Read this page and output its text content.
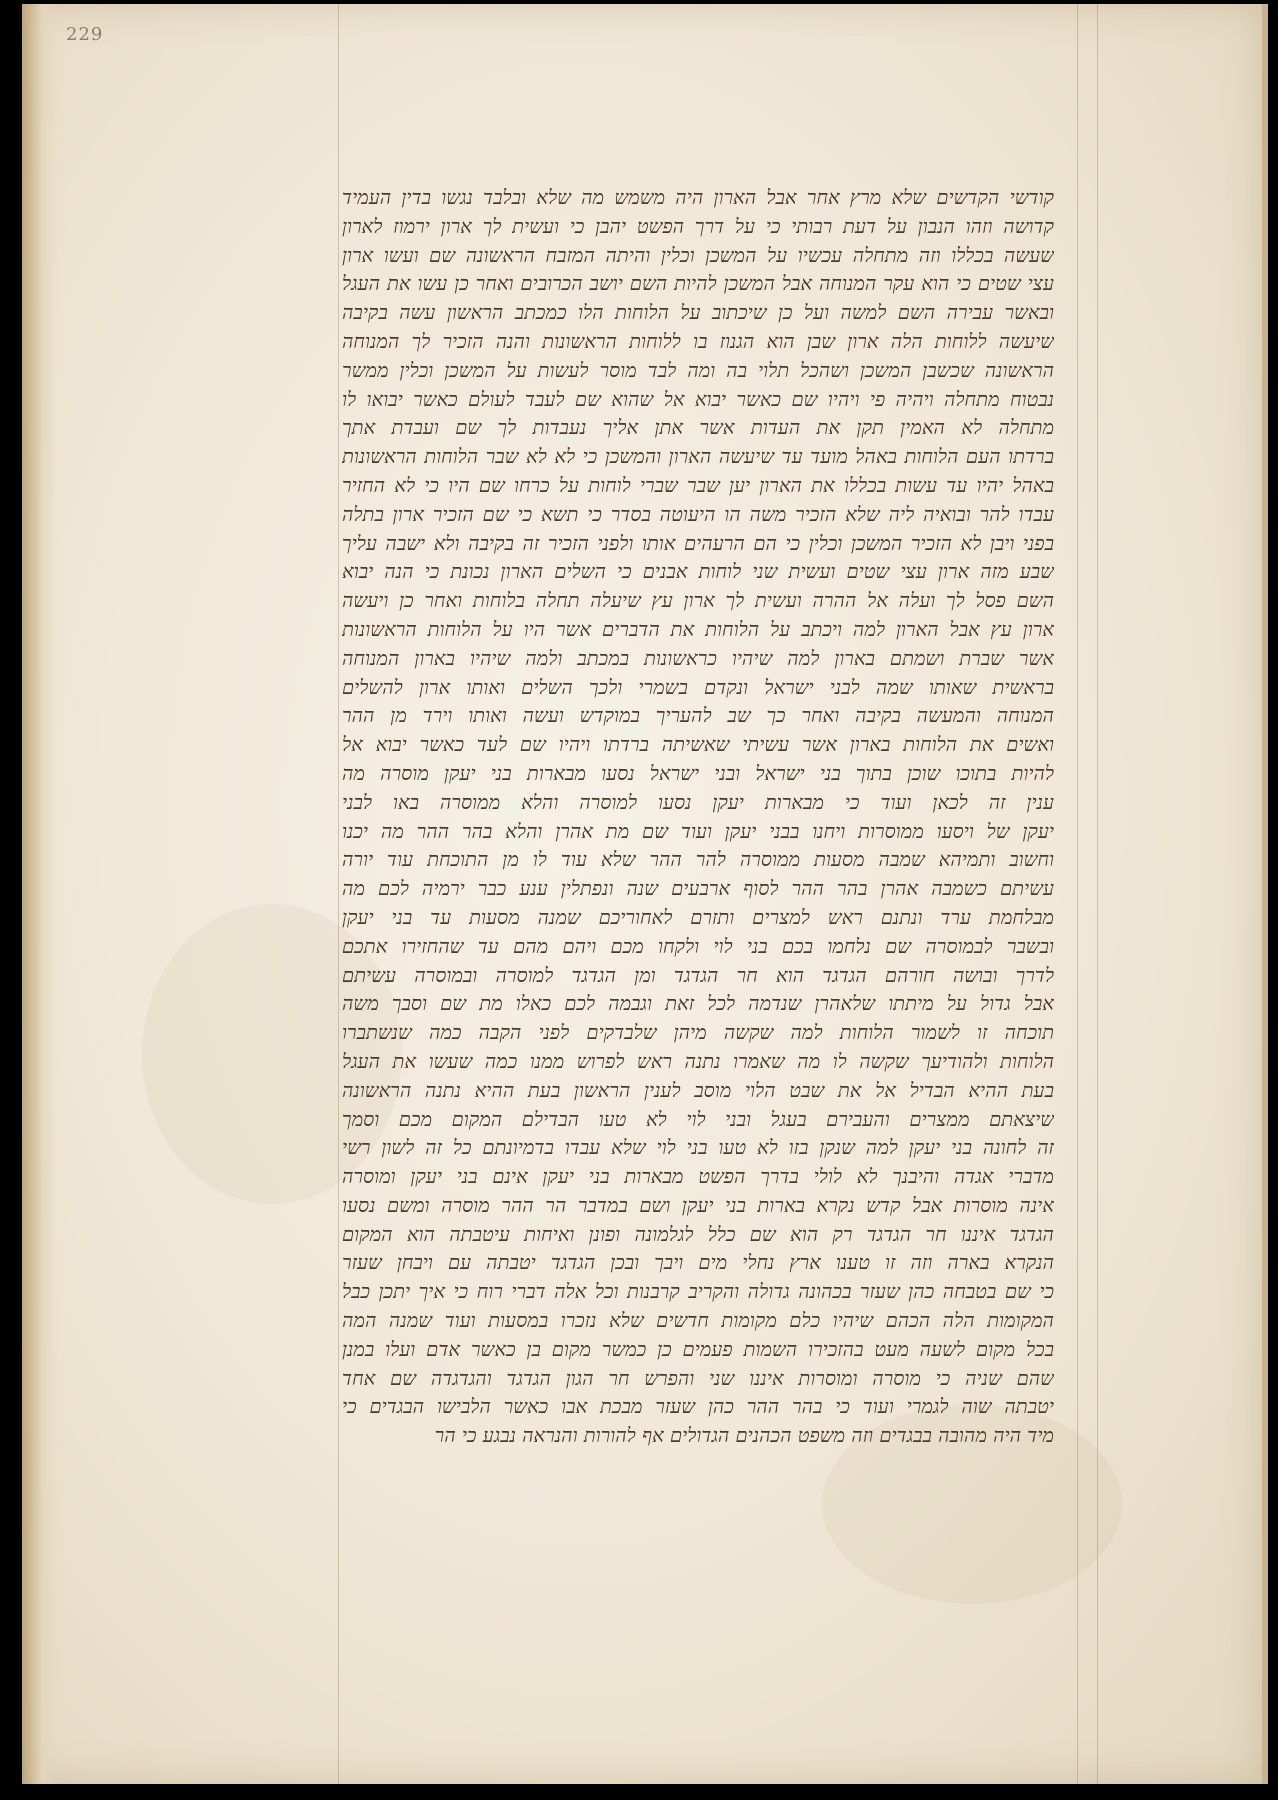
229
קודשי הקדשים שלא מרץ אחר אבל הארון היה משמש מה שלא ובלבד נגשו בדין העמיד
קדושה וזהו הנבון על דעת רבותי כי על דרך הפשט יהבן כי ועשית לך ארון ירמוז לארון
שעשה בכללו וזה מתחלה עכשיו על המשכן וכלין והיתה המזבח הראשונה שם ועשו ארון
עצי שטים כי הוא עקר המנוחה אבל המשכן להיות השם יושב הכרובים ואחר כן עשו את העגל
ובאשר עבירה השם למשה ועל כן שיכתוב על הלוחות הלו כמכתב הראשון עשה בקיבה
שיעשה ללוחות הלה ארון שבן הוא הגנוז בו ללוחות הראשונות והנה הזכיר לך המנוחה
הראשונה שכשבן המשכן ושהכל תלוי בה ומה לבד מוסר לעשות על המשכן וכלין ממשר
נבטוח מתחלה ויהיה פי ויהיו שם כאשר יבוא אל שהוא שם לעבד לעולם כאשר יבואו לו
מתחלה לא האמין תקן את העדות אשר אתן אליך נעבדות לך שם ועבדת אתך
ברדתו העם הלוחות באהל מועד עד שיעשה הארון והמשכן כי לא לא שבר הלוחות הראשונות
באהל יהיו עד עשות בכללו את הארון יען שבר שברי לוחות על כרחו שם היו כי לא החזיר
עבדו להר ובואיה ליה שלא הזכיר משה הו היעוטה בסדר כי תשא כי שם הזכיר ארון בתלה
בפני ויבן לא הזכיר המשכן וכלין כי הם הרעהים אותו ולפני הזכיר זה בקיבה ולא ישבה עליך
שבע מזה ארון עצי שטים ועשית שני לוחות אבנים כי השלים הארון נכונת כי הנה יבוא
השם פסל לך ועלה אל ההרה ועשית לך ארון עץ שיעלה תחלה בלוחות ואחר כן ויעשה
ארון עץ אבל הארון למה ויכתב על הלוחות את הדברים אשר היו על הלוחות הראשונות
אשר שברת ושמתם בארון למה שיהיו כראשונות במכתב ולמה שיהיו בארון המנוחה
בראשית שאותו שמה לבני ישראל ונקדם בשמרי ולכך השלים ואותו ארון להשלים
המנוחה והמעשה בקיבה ואחר כך שב להעריך במוקדש ועשה ואותו וירד מן ההר
ואשים את הלוחות בארון אשר עשיתי שאשיתה ברדתו ויהיו שם לעד כאשר יבוא אל
להיות בתוכו שוכן בתוך בני ישראל ובני ישראל נסעו מבארות בני יעקן מוסרה מה
ענין זה לכאן ועוד כי מבארות יעקן נסעו למוסרה והלא ממוסרה באו לבני
יעקן של ויסעו ממוסרות ויחנו בבני יעקן ועוד שם מת אהרן והלא בהר ההר מה יכנו
וחשוב ותמיהא שמבה מסעות ממוסרה להר ההר שלא עוד לו מן התוכחת עוד יורה
עשיתם כשמבה אהרן בהר ההר לסוף ארבעים שנה ונפתלין ענע כבר ירמיה לכם מה
מבלחמת ערד ונתנם ראש למצרים ותזרם לאחוריכם שמנה מסעות עד בני יעקן
ובשבר לבמוסרה שם נלחמו בכם בני לוי ולקחו מכם ויהם מהם עד שהחזירו אתכם
לדרך ובושה חורהם הגדגד הוא חר הגדגד ומן הגדגד למוסרה ובמוסרה עשיתם
אבל גדול על מיתתו שלאהרן שנדמה לכל זאת וגבמה לכם כאלו מת שם וסבך משה
תוכחה זו לשמור הלוחות למה שקשה מיהן שלבדקים לפני הקבה כמה שנשתברו
הלוחות ולהודיעך שקשה לו מה שאמרו נתנה ראש לפרוש ממנו כמה שעשו את העגל
בעת ההיא הבדיל אל את שבט הלוי מוסב לענין הראשון בעת ההיא נתנה הראשונה
שיצאתם ממצרים והעבירם בעגל ובני לוי לא טעו הבדילם המקום מכם וסמך
זה לחונה בני יעקן למה שנקן בזו לא טעו בני לוי שלא עבדו בדמיונתם כל זה לשון רשי
מדברי אגדה והיבנך לא לולי בדרך הפשט מבארות בני יעקן אינם בני יעקן ומוסרה
אינה מוסרות אבל קדש נקרא בארות בני יעקן ושם במדבר הר ההר מוסרה ומשם נסעו
הגדגד איננו חר הגדגד רק הוא שם כלל לגלמונה ופונן ואיחות עיטבתה הוא המקום
הנקרא בארה וזה זו טענו ארץ נחלי מים ויבך ובכן הגדגד יטבתה עם ויבחן שעזר
כי שם בטבחה כהן שעזר בכהונה גדולה והקריב קרבנות וכל אלה דברי רוח כי איך יתכן כבל
המקומות הלה הכהם שיהיו כלם מקומות חדשים שלא נזכרו במסעות ועוד שמנה המה
בכל מקום לשעה מעט בהזכירו השמות פעמים כן כמשר מקום בן כאשר אדם ועלו במנן
שהם שניה כי מוסרה ומוסרות איננו שני והפרש חר הגון הגדגד והגדגדה שם אחד
יטבתה שוה לגמרי ועוד כי בהר ההר כהן שעזר מבכת אבו כאשר הלבישו הבגדים כי
מיד היה מהובה בבגדים וזה משפט הכהנים הגדולים אף להורות והנראה נבגע כי הר
